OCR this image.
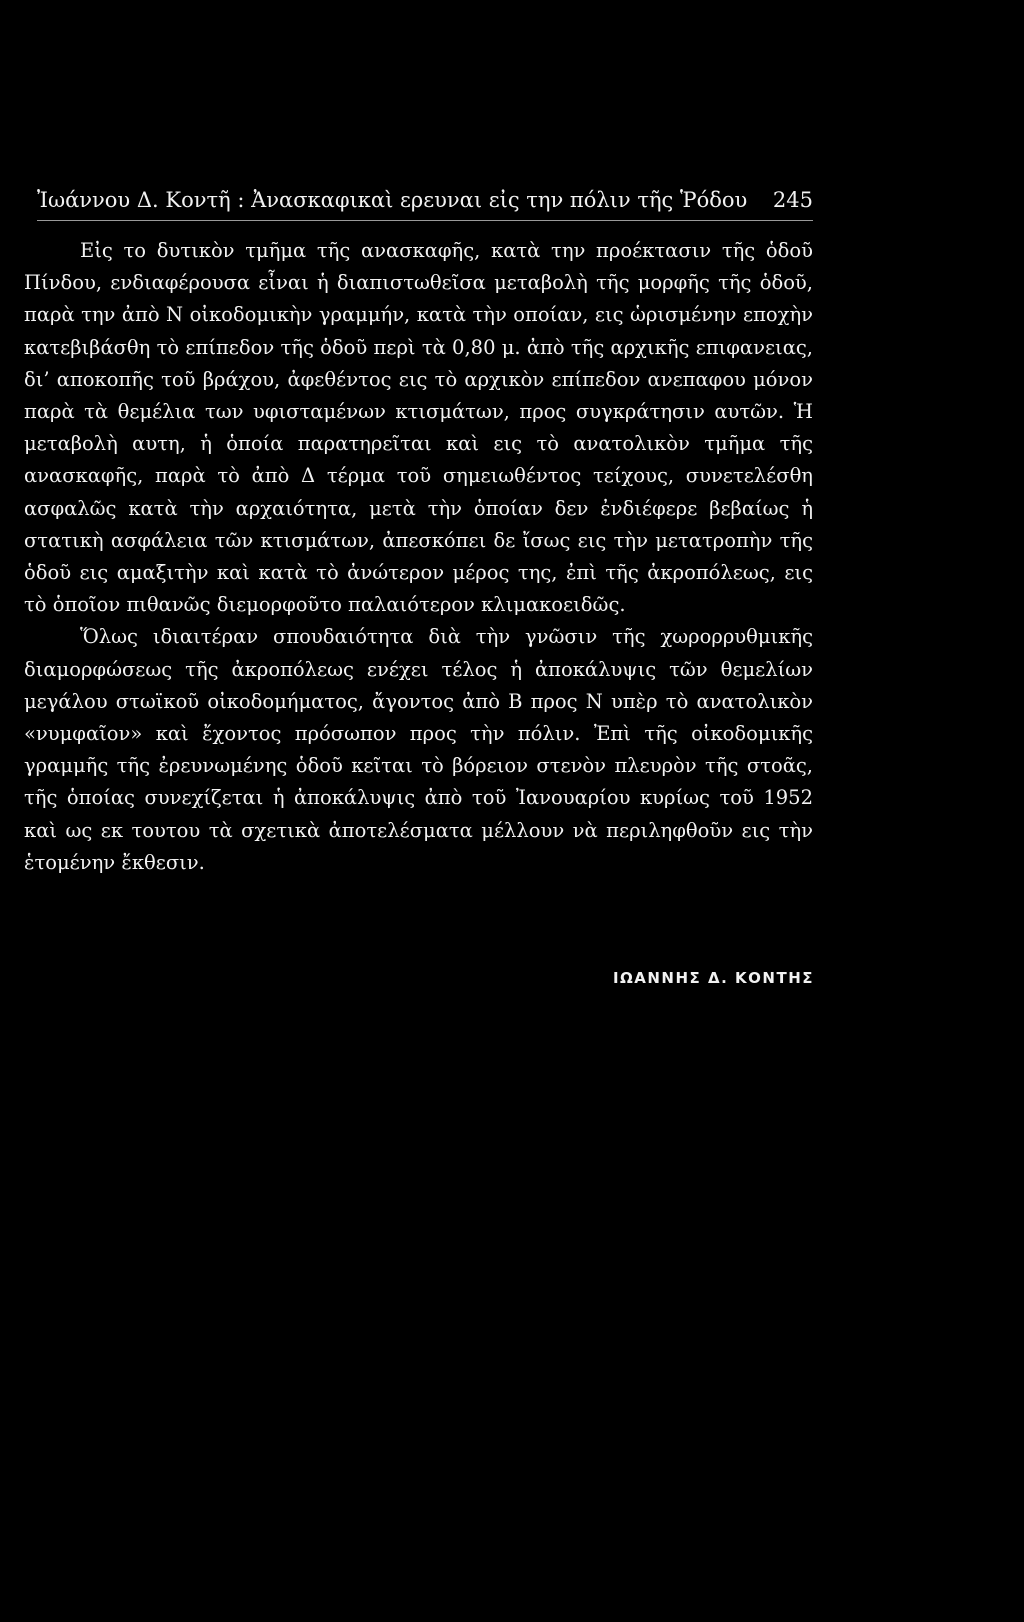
Ἰωάννου Δ. Κοντῆ : Ἀνασκαφικαὶ ερευναι εἰς την πόλιν τῆς Ῥόδου 245

Εἰς το δυτικὸν τμῆμα τῆς ανασκαφῆς, κατὰ την προέκτασιν τῆς ὁδοῦ Πίνδου, ενδιαφέρουσα εἶναι ἡ διαπιστωθεῖσα μεταβολὴ τῆς μορφῆς τῆς ὁδοῦ, παρὰ την ἀπὸ Ν οἰκοδομικὴν γραμμήν, κατὰ τὴν οποίαν, εις ὡρισμένην εποχὴν κατεβιβάσθη τὸ επίπεδον τῆς ὁδοῦ περὶ τὰ 0,80 μ. ἀπὸ τῆς αρχικῆς επιφανειας, δι’ αποκοπῆς τοῦ βράχου, ἀφεθέντος εις τὸ αρχικὸν επίπεδον ανεπαφου μόνον παρὰ τὰ θεμέλια των υφισταμένων κτισμάτων, προς συγκράτησιν αυτῶν. Ἡ μεταβολὴ αυτη, ἡ ὁποία παρατηρεῖται καὶ εις τὸ ανατολικὸν τμῆμα τῆς ανασκαφῆς, παρὰ τὸ ἀπὸ Δ τέρμα τοῦ σημειωθέντος τείχους, συνετελέσθη ασφαλῶς κατὰ τὴν αρχαιότητα, μετὰ τὴν ὁποίαν δεν ἐνδιέφερε βεβαίως ἡ στατικὴ ασφάλεια τῶν κτισμάτων, ἀπεσκόπει δε ἴσως εις τὴν μετατροπὴν τῆς ὁδοῦ εις αμαξιτὴν καὶ κατὰ τὸ ἀνώτερον μέρος της, ἐπὶ τῆς ἀκροπόλεως, εις τὸ ὁποῖον πιθανῶς διεμορφοῦτο παλαιότερον κλιμακοειδῶς.

Ὅλως ιδιαιτέραν σπουδαιότητα διὰ τὴν γνῶσιν τῆς χωρορρυθμικῆς διαμορφώσεως τῆς ἀκροπόλεως ενέχει τέλος ἡ ἀποκάλυψις τῶν θεμελίων μεγάλου στωϊκοῦ οἰκοδομήματος, ἄγοντος ἀπὸ Β προς Ν υπὲρ τὸ ανατολικὸν «νυμφαῖον» καὶ ἔχοντος πρόσωπον προς τὴν πόλιν. Ἐπὶ τῆς οἰκοδομικῆς γραμμῆς τῆς ἐρευνωμένης ὁδοῦ κεῖται τὸ βόρειον στενὸν πλευρὸν τῆς στοᾶς, τῆς ὁποίας συνεχίζεται ἡ ἀποκάλυψις ἀπὸ τοῦ Ἰανουαρίου κυρίως τοῦ 1952 καὶ ως εκ τουτου τὰ σχετικὰ ἀποτελέσματα μέλλουν νὰ περιληφθοῦν εις τὴν ἑτομένην ἔκθεσιν.

ΙΩΑΝΝΗΣ Δ. ΚΟΝΤΗΣ
